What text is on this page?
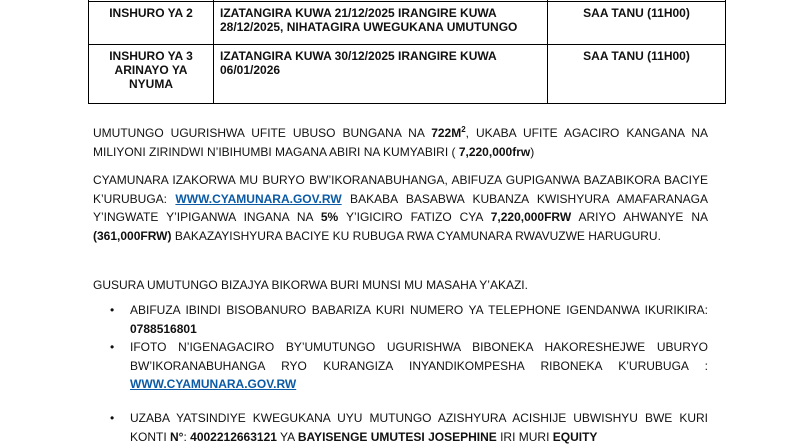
INSHURO YA 2	IZATANGIRA KUWA 21/12/2025 IRANGIRE KUWA 28/12/2025, NIHATAGIRA UWEGUKANA UMUTUNGO	SAA TANU (11H00)
INSHURO YA 3 ARINAYO YA NYUMA	IZATANGIRA KUWA 30/12/2025 IRANGIRE KUWA 06/01/2026	SAA TANU (11H00)

UMUTUNGO UGURISHWA UFITE UBUSO BUNGANA NA $722M^2$, UKABA UFITE AGACIRO KANGANA NA MILIYONI ZIRINDWI N’IBIHUMBI MAGANA ABIRI NA KUMYABIRI ( 7,220,000frw)

CYAMUNARA IZAKORWA MU BURYO BW’IKORANABUHANGA, ABIFUZA GUPIGANWA BAZABIKORA BACIYE K’URUBUGA: WWW.CYAMUNARA.GOV.RW BAKABA BASABWA KUBANZA KWISHYURA AMAFARANAGA Y’INGWATE Y’IPIGANWA INGANA NA 5% Y’IGICIRO FATIZO CYA 7,220,000FRW ARIYO AHWANYE NA (361,000FRW) BAKAZAYISHYURA BACIYE KU RUBUGA RWA CYAMUNARA RWAVUZWE HARUGURU.

GUSURA UMUTUNGO BIZAJYA BIKORWA BURI MUNSI MU MASAHA Y’AKAZI.

•	ABIFUZA IBINDI BISOBANURO BABARIZA KURI NUMERO YA TELEPHONE IGENDANWA IKURIKIRA: 0788516801

•	IFOTO N’IGENAGACIRO BY’UMUTUNGO UGURISHWA BIBONEKA HAKORESHEJWE UBURYO BW’IKORANABUHANGA RYO KURANGIZA INYANDIKOMPESHA RIBONEKA K’URUBUGA : WWW.CYAMUNARA.GOV.RW

•	UZABA YATSINDIYE KWEGUKANA UYU MUTUNGO AZISHYURA ACISHIJE UBWISHYU BWE KURI KONTI N°: 4002212663121 YA BAYISENGE UMUTESI JOSEPHINE IRI MURI EQUITY
